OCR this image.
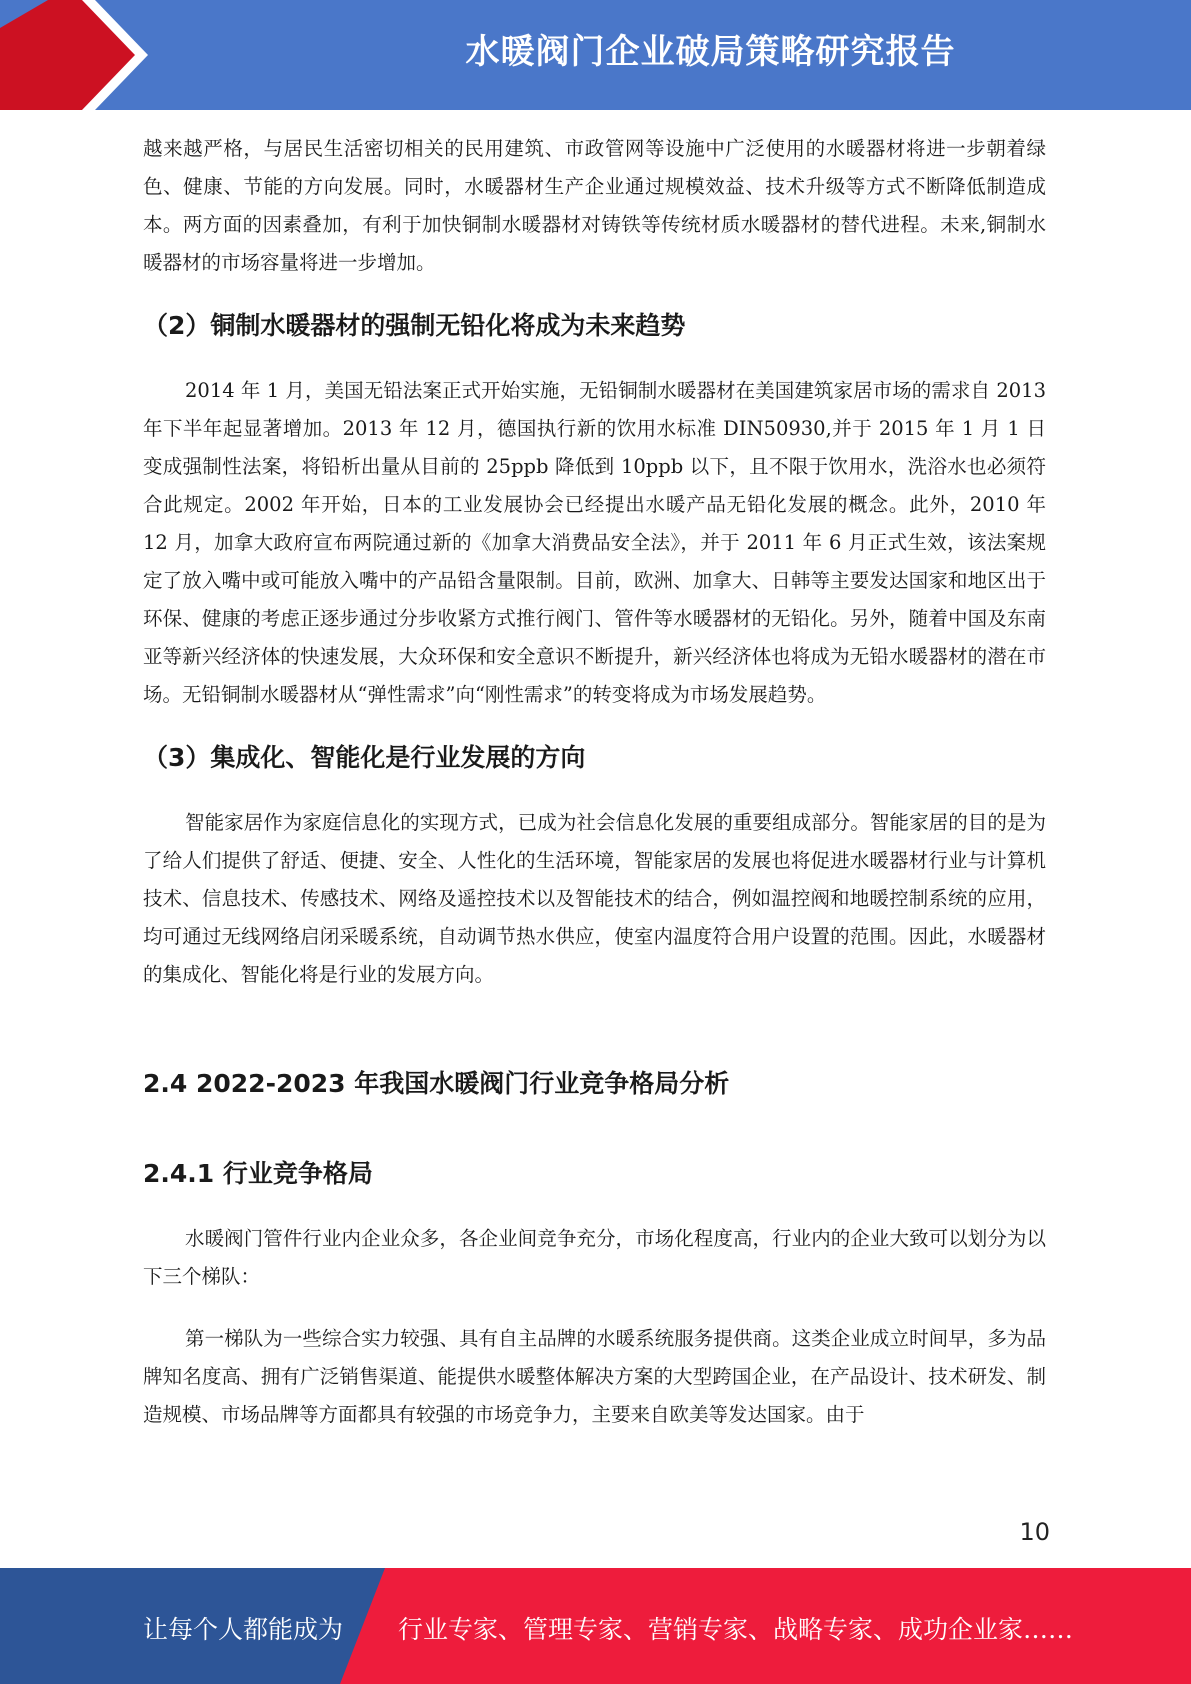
水暖阀门企业破局策略研究报告

越来越严格，与居民生活密切相关的民用建筑、市政管网等设施中广泛使用的水暖器材将进一步朝着绿色、健康、节能的方向发展。同时，水暖器材生产企业通过规模效益、技术升级等方式不断降低制造成本。两方面的因素叠加，有利于加快铜制水暖器材对铸铁等传统材质水暖器材的替代进程。未来,铜制水暖器材的市场容量将进一步增加。

（2）铜制水暖器材的强制无铅化将成为未来趋势

2014 年 1 月，美国无铅法案正式开始实施，无铅铜制水暖器材在美国建筑家居市场的需求自 2013 年下半年起显著增加。2013 年 12 月，德国执行新的饮用水标准 DIN50930,并于 2015 年 1 月 1 日变成强制性法案，将铅析出量从目前的 25ppb 降低到 10ppb 以下，且不限于饮用水，洗浴水也必须符合此规定。2002 年开始，日本的工业发展协会已经提出水暖产品无铅化发展的概念。此外，2010 年 12 月，加拿大政府宣布两院通过新的《加拿大消费品安全法》，并于 2011 年 6 月正式生效，该法案规定了放入嘴中或可能放入嘴中的产品铅含量限制。目前，欧洲、加拿大、日韩等主要发达国家和地区出于环保、健康的考虑正逐步通过分步收紧方式推行阀门、管件等水暖器材的无铅化。另外，随着中国及东南亚等新兴经济体的快速发展，大众环保和安全意识不断提升，新兴经济体也将成为无铅水暖器材的潜在市场。无铅铜制水暖器材从“弹性需求”向“刚性需求”的转变将成为市场发展趋势。

（3）集成化、智能化是行业发展的方向

智能家居作为家庭信息化的实现方式，已成为社会信息化发展的重要组成部分。智能家居的目的是为了给人们提供了舒适、便捷、安全、人性化的生活环境，智能家居的发展也将促进水暖器材行业与计算机技术、信息技术、传感技术、网络及遥控技术以及智能技术的结合，例如温控阀和地暖控制系统的应用，均可通过无线网络启闭采暖系统，自动调节热水供应，使室内温度符合用户设置的范围。因此，水暖器材的集成化、智能化将是行业的发展方向。

2.4 2022-2023 年我国水暖阀门行业竞争格局分析
2.4.1 行业竞争格局

水暖阀门管件行业内企业众多，各企业间竞争充分，市场化程度高，行业内的企业大致可以划分为以下三个梯队：

第一梯队为一些综合实力较强、具有自主品牌的水暖系统服务提供商。这类企业成立时间早，多为品牌知名度高、拥有广泛销售渠道、能提供水暖整体解决方案的大型跨国企业，在产品设计、技术研发、制造规模、市场品牌等方面都具有较强的市场竞争力，主要来自欧美等发达国家。由于

10
让每个人都能成为 行业专家、管理专家、营销专家、战略专家、成功企业家……
